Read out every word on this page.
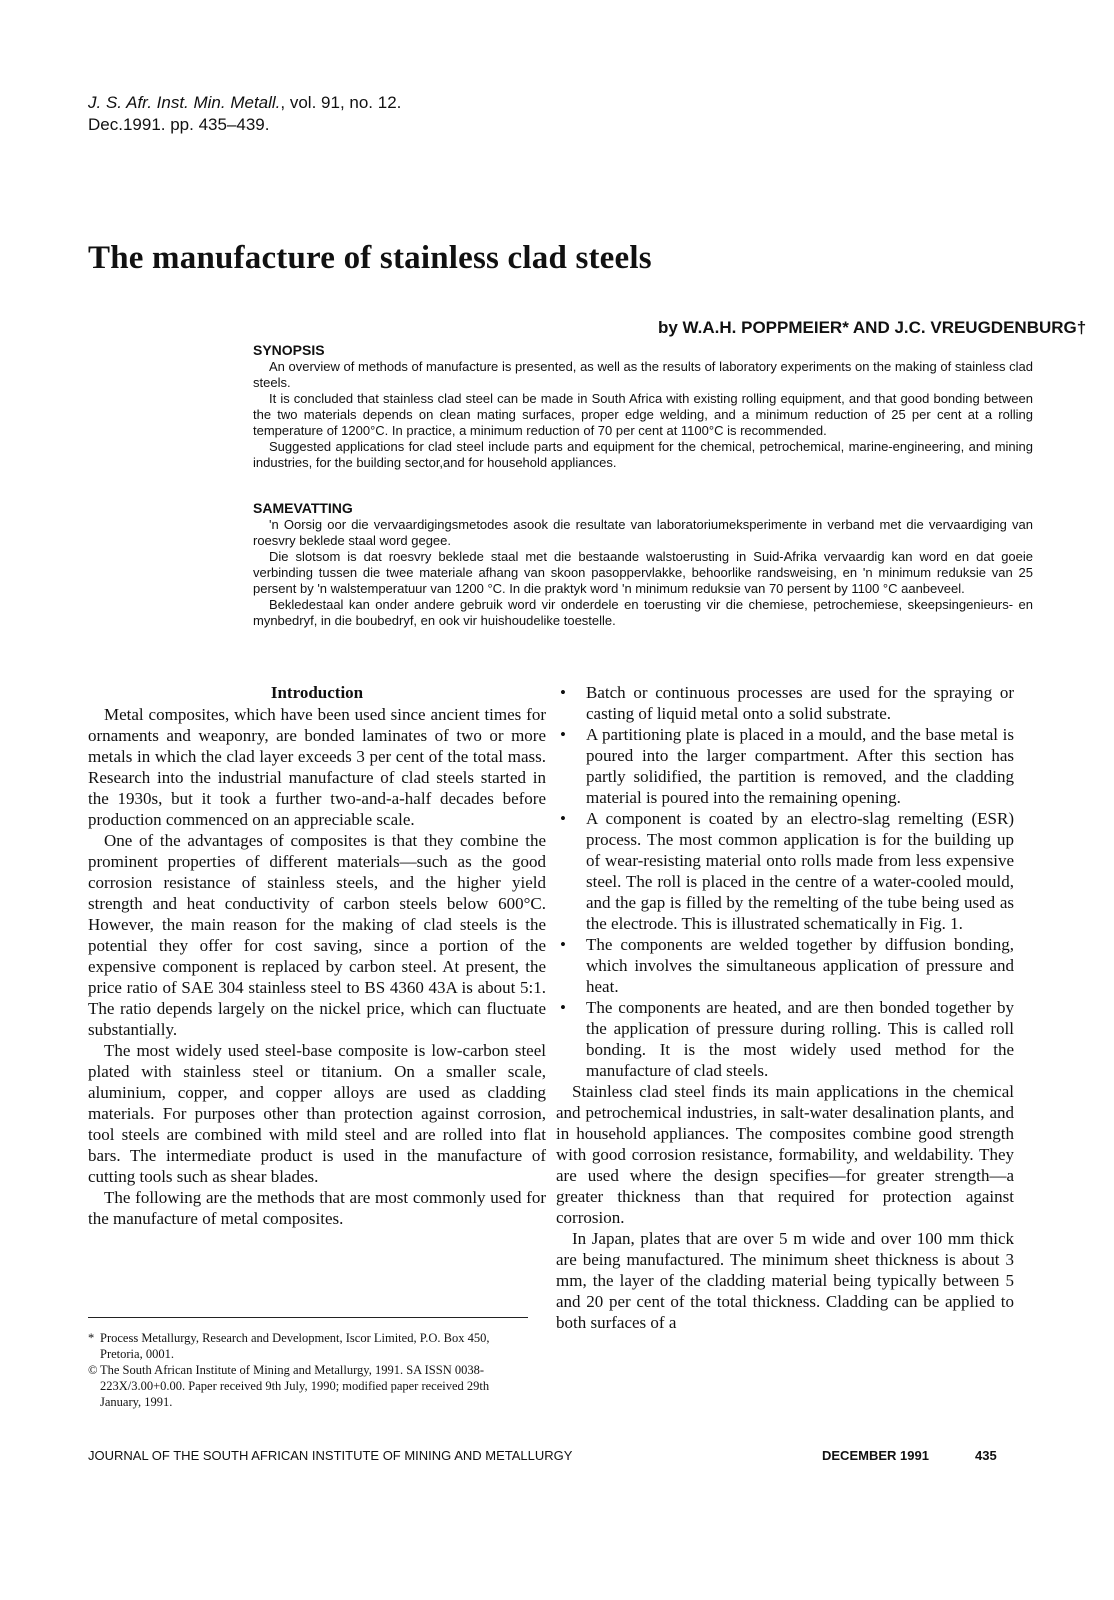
J. S. Afr. Inst. Min. Metall., vol. 91, no. 12.
Dec.1991. pp. 435–439.
The manufacture of stainless clad steels
by W.A.H. POPPMEIER* AND J.C. VREUGDENBURG†
SYNOPSIS

An overview of methods of manufacture is presented, as well as the results of laboratory experiments on the making of stainless clad steels.

It is concluded that stainless clad steel can be made in South Africa with existing rolling equipment, and that good bonding between the two materials depends on clean mating surfaces, proper edge welding, and a minimum reduction of 25 per cent at a rolling temperature of 1200°C. In practice, a minimum reduction of 70 per cent at 1100°C is recommended.

Suggested applications for clad steel include parts and equipment for the chemical, petrochemical, marine-engineering, and mining industries, for the building sector,and for household appliances.

SAMEVATTING

'n Oorsig oor die vervaardigingsmetodes asook die resultate van laboratoriumeksperimente in verband met die vervaardiging van roesvry beklede staal word gegee.

Die slotsom is dat roesvry beklede staal met die bestaande walstoerusting in Suid-Afrika vervaardig kan word en dat goeie verbinding tussen die twee materiale afhang van skoon pasoppervlakke, behoorlike randsweising, en 'n minimum reduksie van 25 persent by 'n walstemperatuur van 1200 °C. In die praktyk word 'n minimum reduksie van 70 persent by 1100 °C aanbeveel.

Bekledestaal kan onder andere gebruik word vir onderdele en toerusting vir die chemiese, petrochemiese, skeepsingenieurs- en mynbedryf, in die boubedryf, en ook vir huishoudelike toestelle.

Introduction

Metal composites, which have been used since ancient times for ornaments and weaponry, are bonded laminates of two or more metals in which the clad layer exceeds 3 per cent of the total mass. Research into the industrial manufacture of clad steels started in the 1930s, but it took a further two-and-a-half decades before production commenced on an appreciable scale.

One of the advantages of composites is that they combine the prominent properties of different materials—such as the good corrosion resistance of stainless steels, and the higher yield strength and heat conductivity of carbon steels below 600°C. However, the main reason for the making of clad steels is the potential they offer for cost saving, since a portion of the expensive component is replaced by carbon steel. At present, the price ratio of SAE 304 stainless steel to BS 4360 43A is about 5:1. The ratio depends largely on the nickel price, which can fluctuate substantially.

The most widely used steel-base composite is low-carbon steel plated with stainless steel or titanium. On a smaller scale, aluminium, copper, and copper alloys are used as cladding materials. For purposes other than protection against corrosion, tool steels are combined with mild steel and are rolled into flat bars. The intermediate product is used in the manufacture of cutting tools such as shear blades.

The following are the methods that are most commonly used for the manufacture of metal composites.

• Batch or continuous processes are used for the spraying or casting of liquid metal onto a solid substrate.
• A partitioning plate is placed in a mould, and the base metal is poured into the larger compartment. After this section has partly solidified, the partition is removed, and the cladding material is poured into the remaining opening.
• A component is coated by an electro-slag remelting (ESR) process. The most common application is for the building up of wear-resisting material onto rolls made from less expensive steel. The roll is placed in the centre of a water-cooled mould, and the gap is filled by the remelting of the tube being used as the electrode. This is illustrated schematically in Fig. 1.
• The components are welded together by diffusion bonding, which involves the simultaneous application of pressure and heat.
• The components are heated, and are then bonded together by the application of pressure during rolling. This is called roll bonding. It is the most widely used method for the manufacture of clad steels.

Stainless clad steel finds its main applications in the chemical and petrochemical industries, in salt-water desalination plants, and in household appliances. The composites combine good strength with good corrosion resistance, formability, and weldability. They are used where the design specifies—for greater strength—a greater thickness than that required for protection against corrosion.

In Japan, plates that are over 5 m wide and over 100 mm thick are being manufactured. The minimum sheet thickness is about 3 mm, the layer of the cladding material being typically between 5 and 20 per cent of the total thickness. Cladding can be applied to both surfaces of a

* Process Metallurgy, Research and Development, Iscor Limited, P.O. Box 450, Pretoria, 0001.

© The South African Institute of Mining and Metallurgy, 1991. SA ISSN 0038-223X/3.00+0.00. Paper received 9th July, 1990; modified paper received 29th January, 1991.

JOURNAL OF THE SOUTH AFRICAN INSTITUTE OF MINING AND METALLURGY	DECEMBER 1991	435
